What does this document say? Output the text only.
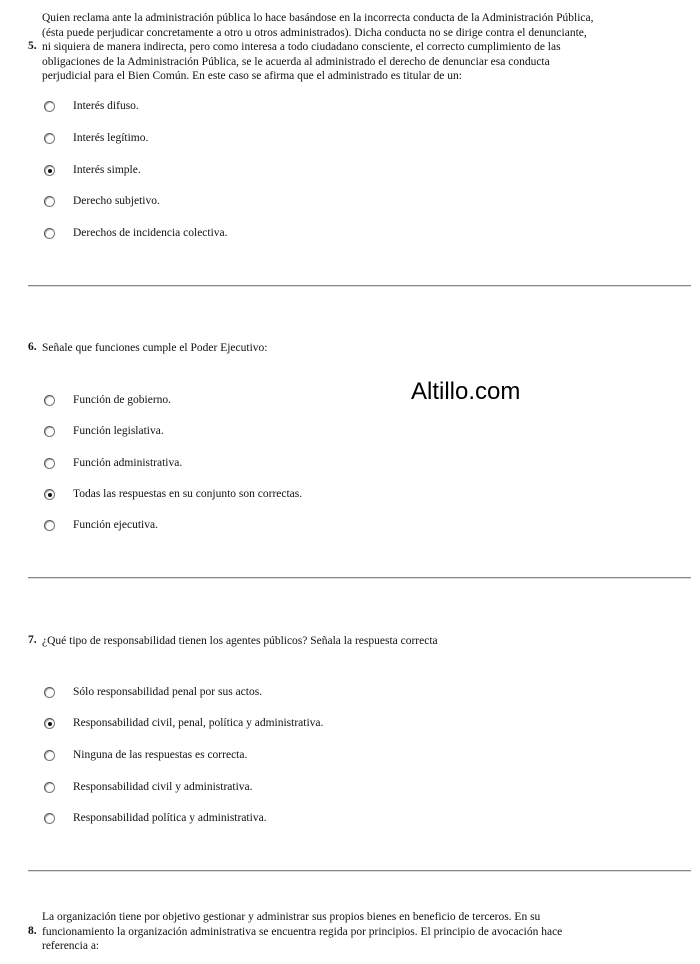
Quien reclama ante la administración pública lo hace basándose en la incorrecta conducta de la Administración Pública,
(ésta puede perjudicar concretamente a otro u otros administrados). Dicha conducta no se dirige contra el denunciante,
ni siquiera de manera indirecta, pero como interesa a todo ciudadano consciente, el correcto cumplimiento de las
obligaciones de la Administración Pública, se le acuerda al administrado el derecho de denunciar esa conducta
perjudicial para el Bien Común. En este caso se afirma que el administrado es titular de un:
5.
Interés difuso.
Interés legítimo.
Interés simple.
Derecho subjetivo.
Derechos de incidencia colectiva.
6. Señale que funciones cumple el Poder Ejecutivo:
Función de gobierno.
Función legislativa.
Función administrativa.
Todas las respuestas en su conjunto son correctas.
Función ejecutiva.
Altillo.com
7. ¿Qué tipo de responsabilidad tienen los agentes públicos? Señala la respuesta correcta
Sólo responsabilidad penal por sus actos.
Responsabilidad civil, penal, política y administrativa.
Ninguna de las respuestas es correcta.
Responsabilidad civil y administrativa.
Responsabilidad política y administrativa.
La organización tiene por objetivo gestionar y administrar sus propios bienes en beneficio de terceros. En su
funcionamiento la organización administrativa se encuentra regida por principios. El principio de avocación hace
referencia a:
8.
